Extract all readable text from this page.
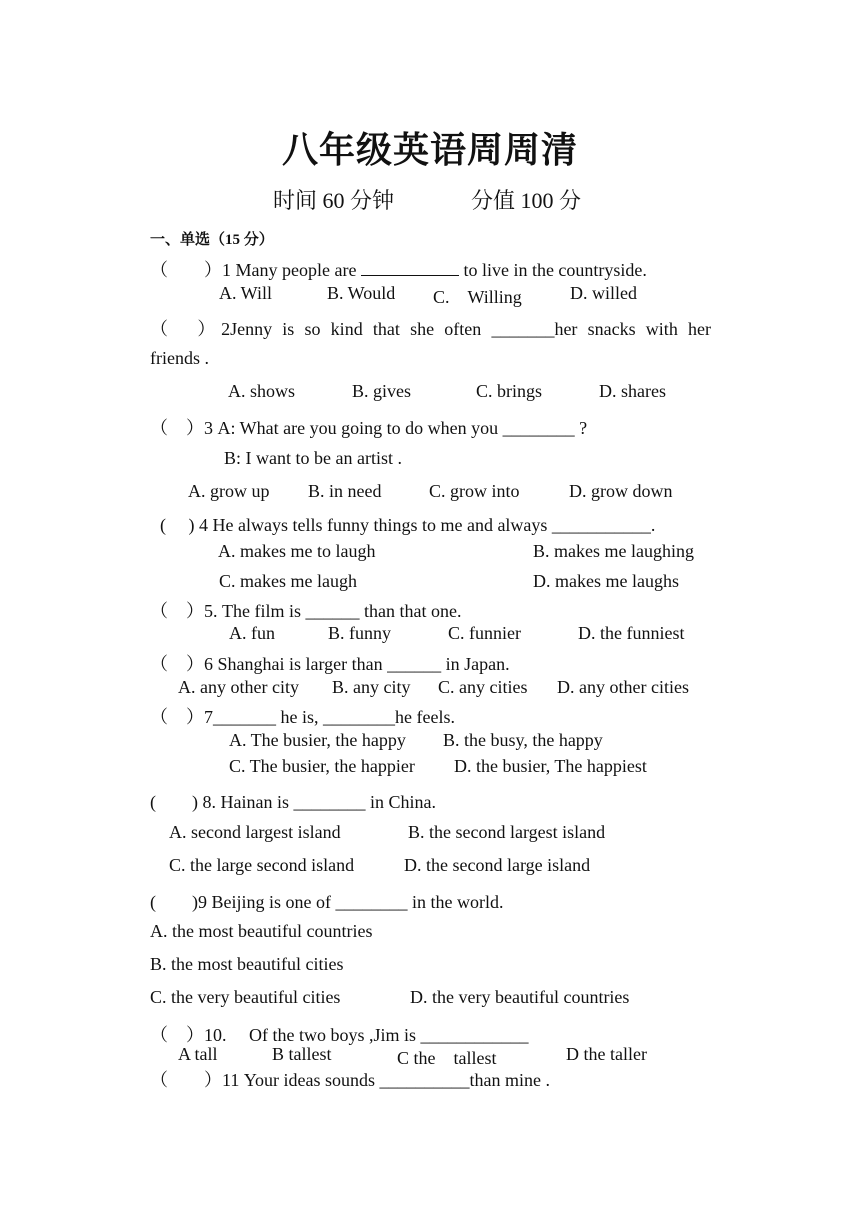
八年级英语周周清
时间 60 分钟	分值 100 分
一、单选（15 分）
（　　）1 Many people are	to live in the countryside.
A. Will	B. Would C.　Willing	D. willed
（　）2Jenny is so kind that she often _______her snacks with her
friends .
A. shows	B. gives	C. brings	D. shares
（　）3 A: What are you going to do when you ________ ?
B: I want to be an artist .
A. grow up B. in need	C. grow into	D. grow down
(　 ) 4 He always tells funny things to me and always ___________.
A. makes me to laugh	B. makes me laughing
C. makes me laugh	D. makes me laughs
（　）5. The film is ______ than that one.
A. fun	B. funny	C. funnier	D. the funniest
（　）6 Shanghai is larger than ______ in Japan.
A. any other city B. any city C. any cities D. any other cities
（　）7_______ he is, ________he feels.
A. The busier, the happy B. the busy, the happy
C. The busier, the happier D. the busier, The happiest
(　　) 8. Hainan is ________ in China.
A. second largest island	B. the second largest island
C. the large second island	D. the second large island
(　　)9 Beijing is one of ________ in the world.
A. the most beautiful countries
B. the most beautiful cities
C. the very beautiful cities	D. the very beautiful countries
（　）10.　 Of the two boys ,Jim is ____________
A tall	B tallest	C the　tallest	D the taller
（　　）11 Your ideas sounds __________than mine .
